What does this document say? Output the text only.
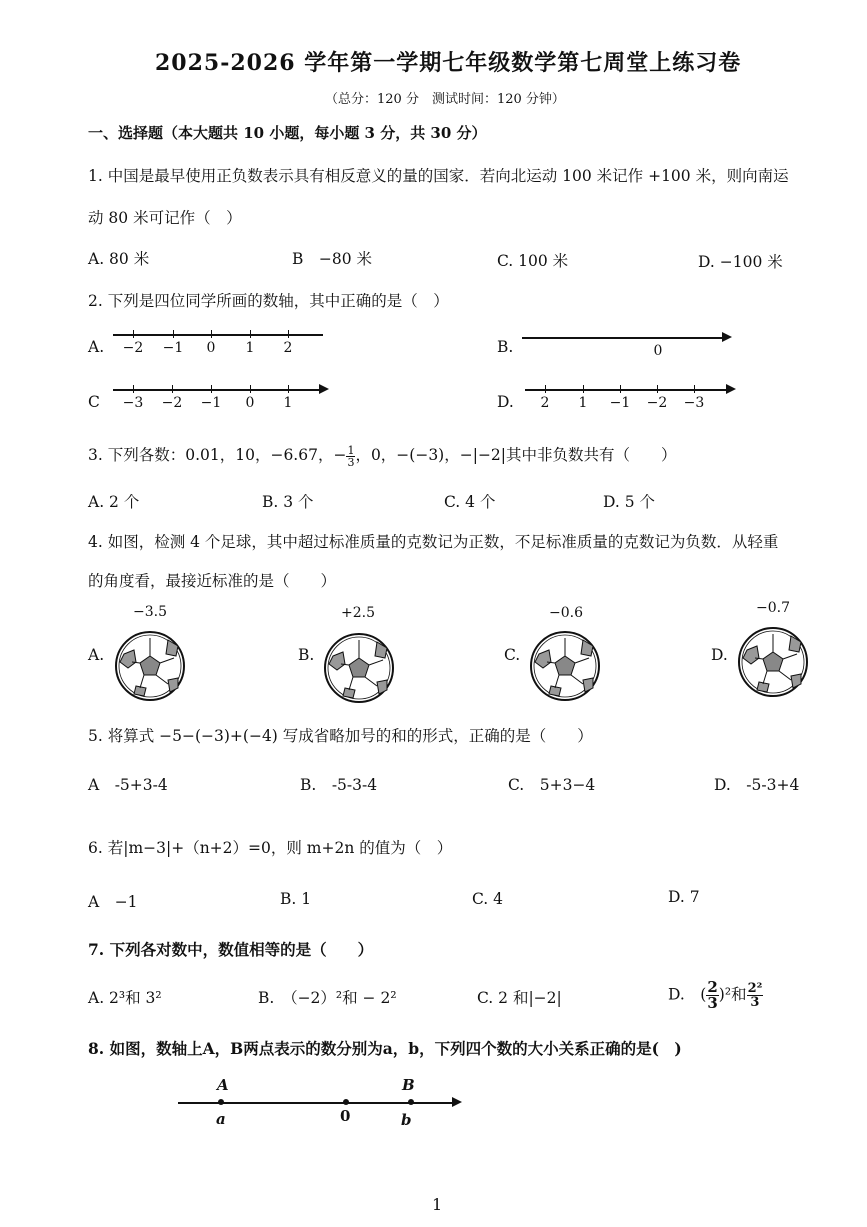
2025-2026 学年第一学期七年级数学第七周堂上练习卷
（总分：120 分　测试时间：120 分钟）
一、选择题（本大题共 10 小题，每小题 3 分，共 30 分）
1. 中国是最早使用正负数表示具有相反意义的量的国家．若向北运动 100 米记作 +100 米，则向南运
动 80 米可记作（　）
A. 80 米	B　−80 米	C. 100 米	D. −100 米
2. 下列是四位同学所画的数轴，其中正确的是（　）
A. −2 −1 0 1 2	B.	0
C −3 −2 −1 0 1	D. 2 1 −1 −2 −3
3. 下列各数：0.01，10，−6.67，− $\frac{1}{3}$ ，0，−(−3)，−|−2|其中非负数共有（　　）
A. 2 个	B. 3 个	C. 4 个	D. 5 个
4. 如图，检测 4 个足球，其中超过标准质量的克数记为正数，不足标准质量的克数记为负数．从轻重
的角度看，最接近标准的是（　　）
−3.5	+2.5	−0.6	−0.7
A.	B.	C.	D.
5. 将算式 −5−(−3)+(−4) 写成省略加号的和的形式，正确的是（　　）
A　-5+3-4	B.　-5-3-4	C.　5+3−4	D.　-5-3+4
6. 若|m−3|+（n+2）=0，则 m+2n 的值为（　）
A　−1	B. 1	C. 4	D. 7
7. 下列各对数中，数值相等的是（　　）
A. 2³和 3²	B.　（−2）²和 − 2²	C. 2 和|−2|	D.　( $\frac{2}{3} )^2$和 $\frac{\text{2²}}{3}$
8. 如图，数轴上A，B两点表示的数分别为a，b，下列四个数的大小关系正确的是(　)
A	B
a	0	b
1
